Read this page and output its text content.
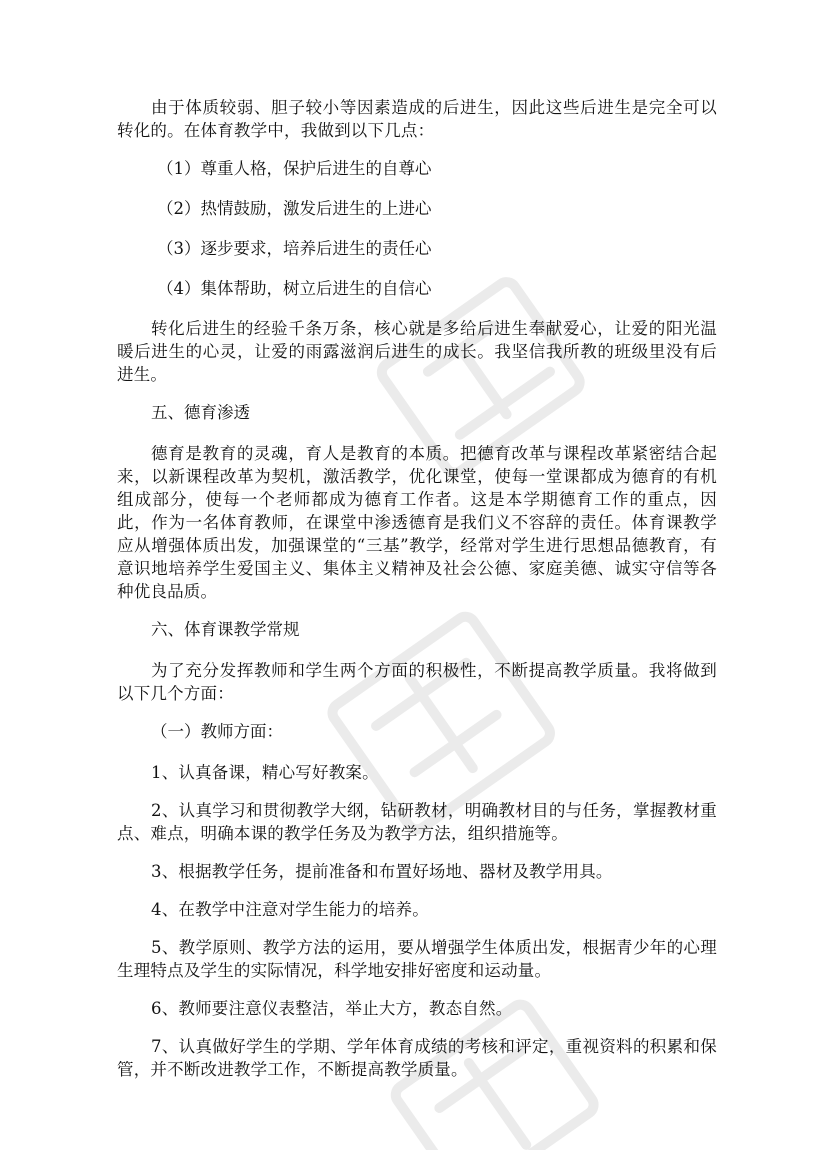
由于体质较弱、胆子较小等因素造成的后进生，因此这些后进生是完全可以转化的。在体育教学中，我做到以下几点：

（1）尊重人格，保护后进生的自尊心

（2）热情鼓励，激发后进生的上进心

（3）逐步要求，培养后进生的责任心

（4）集体帮助，树立后进生的自信心

转化后进生的经验千条万条，核心就是多给后进生奉献爱心，让爱的阳光温暖后进生的心灵，让爱的雨露滋润后进生的成长。我坚信我所教的班级里没有后进生。

五、德育渗透

德育是教育的灵魂，育人是教育的本质。把德育改革与课程改革紧密结合起来，以新课程改革为契机，激活教学，优化课堂，使每一堂课都成为德育的有机组成部分，使每一个老师都成为德育工作者。这是本学期德育工作的重点，因此，作为一名体育教师，在课堂中渗透德育是我们义不容辞的责任。体育课教学应从增强体质出发，加强课堂的“三基”教学，经常对学生进行思想品德教育，有意识地培养学生爱国主义、集体主义精神及社会公德、家庭美德、诚实守信等各种优良品质。

六、体育课教学常规

为了充分发挥教师和学生两个方面的积极性，不断提高教学质量。我将做到以下几个方面：

（一）教师方面：

1、认真备课，精心写好教案。

2、认真学习和贯彻教学大纲，钻研教材，明确教材目的与任务，掌握教材重点、难点，明确本课的教学任务及为教学方法，组织措施等。

3、根据教学任务，提前准备和布置好场地、器材及教学用具。

4、在教学中注意对学生能力的培养。

5、教学原则、教学方法的运用，要从增强学生体质出发，根据青少年的心理生理特点及学生的实际情况，科学地安排好密度和运动量。

6、教师要注意仪表整洁，举止大方，教态自然。

7、认真做好学生的学期、学年体育成绩的考核和评定，重视资料的积累和保管，并不断改进教学工作，不断提高教学质量。
